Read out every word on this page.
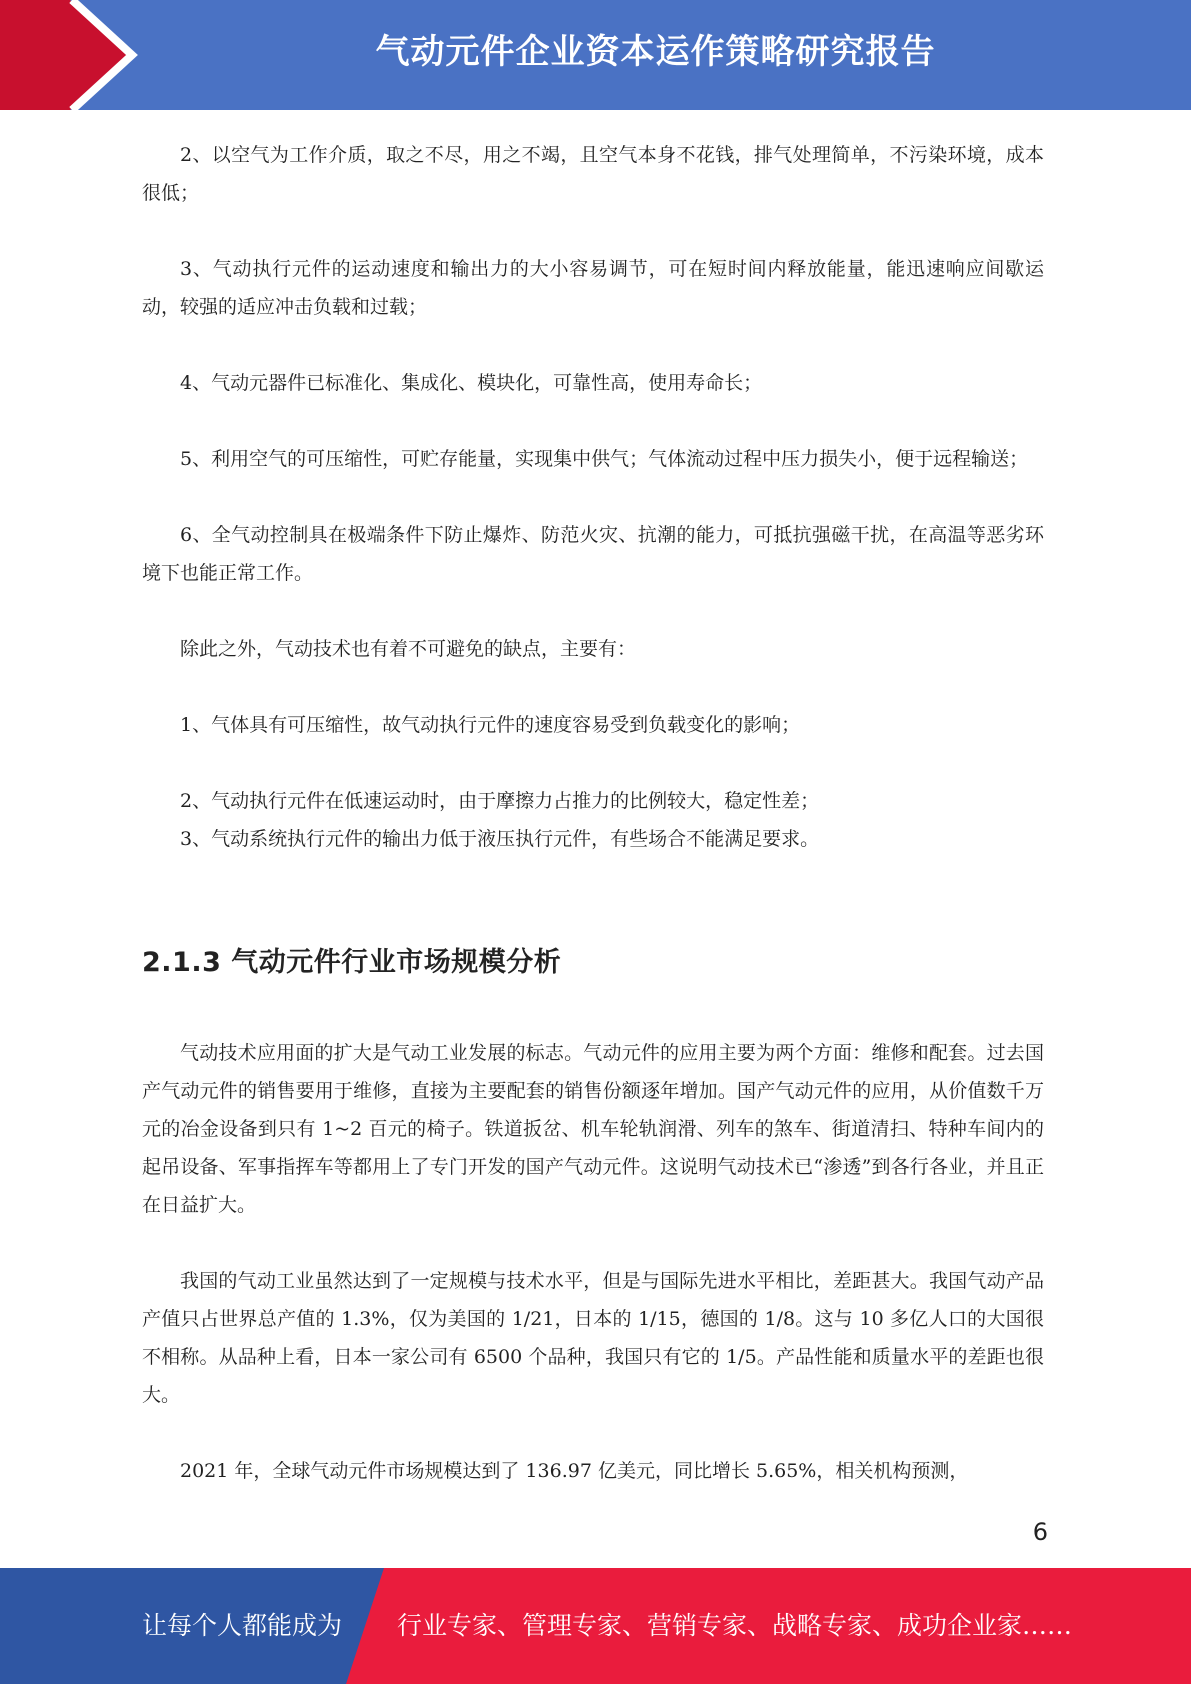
气动元件企业资本运作策略研究报告

2、以空气为工作介质，取之不尽，用之不竭，且空气本身不花钱，排气处理简单，不污染环境，成本很低；

3、气动执行元件的运动速度和输出力的大小容易调节，可在短时间内释放能量，能迅速响应间歇运动，较强的适应冲击负载和过载；

4、气动元器件已标准化、集成化、模块化，可靠性高，使用寿命长；

5、利用空气的可压缩性，可贮存能量，实现集中供气；气体流动过程中压力损失小，便于远程输送；

6、全气动控制具在极端条件下防止爆炸、防范火灾、抗潮的能力，可抵抗强磁干扰，在高温等恶劣环境下也能正常工作。

除此之外，气动技术也有着不可避免的缺点，主要有：

1、气体具有可压缩性，故气动执行元件的速度容易受到负载变化的影响；

2、气动执行元件在低速运动时，由于摩擦力占推力的比例较大，稳定性差；

3、气动系统执行元件的输出力低于液压执行元件，有些场合不能满足要求。

2.1.3 气动元件行业市场规模分析

气动技术应用面的扩大是气动工业发展的标志。气动元件的应用主要为两个方面：维修和配套。过去国产气动元件的销售要用于维修，直接为主要配套的销售份额逐年增加。国产气动元件的应用，从价值数千万元的冶金设备到只有 1~2 百元的椅子。铁道扳岔、机车轮轨润滑、列车的煞车、街道清扫、特种车间内的起吊设备、军事指挥车等都用上了专门开发的国产气动元件。这说明气动技术已“渗透”到各行各业，并且正在日益扩大。

我国的气动工业虽然达到了一定规模与技术水平，但是与国际先进水平相比，差距甚大。我国气动产品产值只占世界总产值的 1.3%，仅为美国的 1/21，日本的 1/15，德国的 1/8。这与 10 多亿人口的大国很不相称。从品种上看，日本一家公司有 6500 个品种，我国只有它的 1/5。产品性能和质量水平的差距也很大。

2021 年，全球气动元件市场规模达到了 136.97 亿美元，同比增长 5.65%，相关机构预测，

6
让每个人都能成为 行业专家、管理专家、营销专家、战略专家、成功企业家……
